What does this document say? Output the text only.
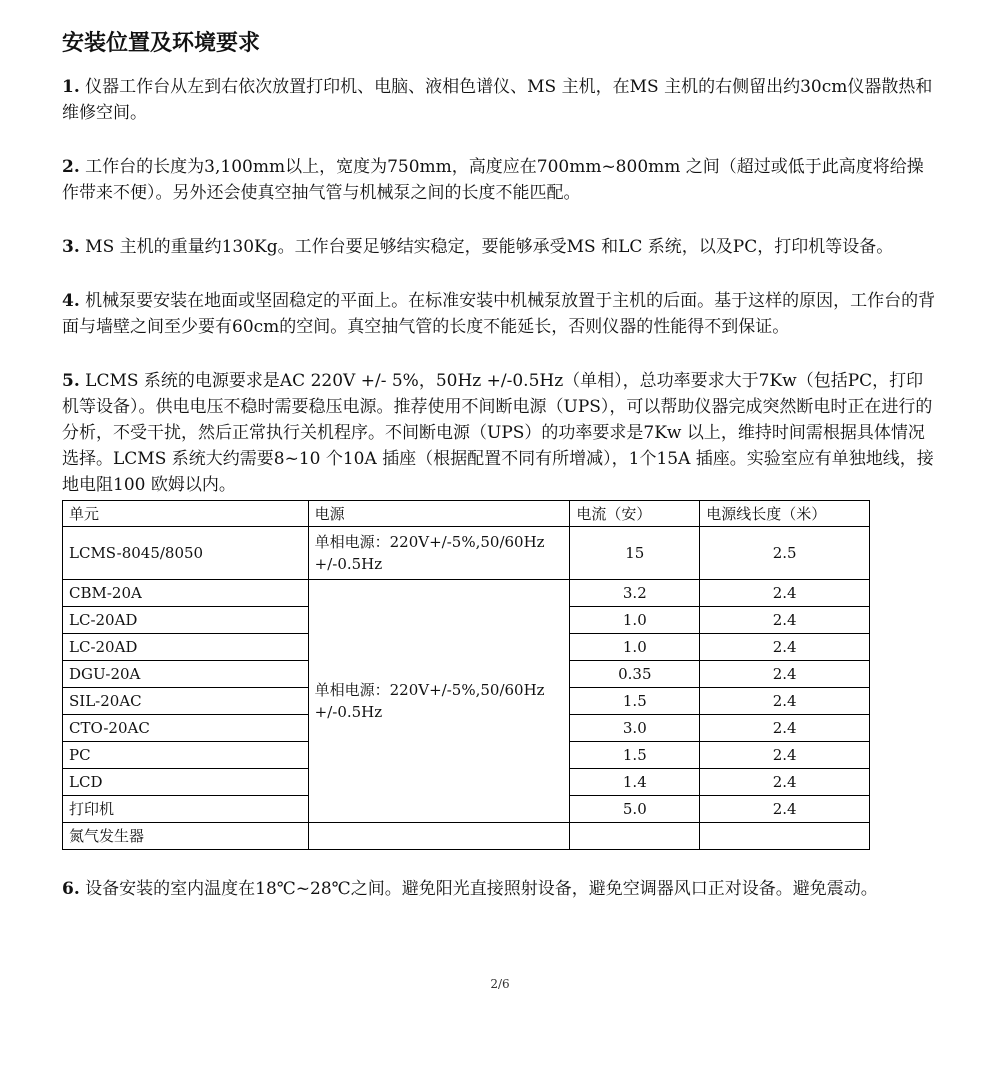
安装位置及环境要求
1. 仪器工作台从左到右依次放置打印机、电脑、液相色谱仪、MS 主机，在MS 主机的右侧留出约30cm仪器散热和维修空间。
2. 工作台的长度为3,100mm以上，宽度为750mm，高度应在700mm~800mm 之间（超过或低于此高度将给操作带来不便）。另外还会使真空抽气管与机械泵之间的长度不能匹配。
3. MS 主机的重量约130Kg。工作台要足够结实稳定，要能够承受MS 和LC 系统，以及PC，打印机等设备。
4. 机械泵要安装在地面或坚固稳定的平面上。在标准安装中机械泵放置于主机的后面。基于这样的原因，工作台的背面与墙壁之间至少要有60cm的空间。真空抽气管的长度不能延长，否则仪器的性能得不到保证。
5. LCMS 系统的电源要求是AC 220V +/- 5%，50Hz +/-0.5Hz（单相），总功率要求大于7Kw（包括PC，打印机等设备）。供电电压不稳时需要稳压电源。推荐使用不间断电源（UPS），可以帮助仪器完成突然断电时正在进行的分析，不受干扰，然后正常执行关机程序。不间断电源（UPS）的功率要求是7Kw 以上，维持时间需根据具体情况选择。LCMS 系统大约需要8~10 个10A 插座（根据配置不同有所增减），1个15A 插座。实验室应有单独地线，接地电阻100 欧姆以内。
单元	电源	电流（安）	电源线长度（米）
LCMS-8045/8050	单相电源：220V+/-5%,50/60Hz +/-0.5Hz	15	2.5
CBM-20A	单相电源：220V+/-5%,50/60Hz +/-0.5Hz	3.2	2.4
LC-20AD		1.0	2.4
LC-20AD		1.0	2.4
DGU-20A		0.35	2.4
SIL-20AC		1.5	2.4
CTO-20AC		3.0	2.4
PC		1.5	2.4
LCD		1.4	2.4
打印机		5.0	2.4
氮气发生器			
6. 设备安装的室内温度在18℃~28℃之间。避免阳光直接照射设备，避免空调器风口正对设备。避免震动。
2/6
